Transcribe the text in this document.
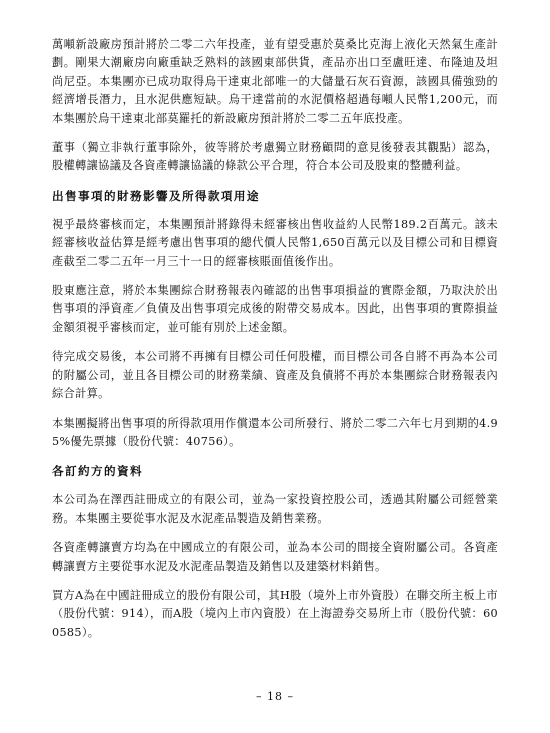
萬噸新設廠房預計將於二零二六年投產，並有望受惠於莫桑比克海上液化天然氣生產計劃。剛果大潮廠房向廠重缺乏熟料的該國東部供貨，產品亦出口至盧旺達、布隆迪及坦尚尼亞。本集團亦已成功取得烏干達東北部唯一的大儲量石灰石資源，該國具備強勁的經濟增長潛力，且水泥供應短缺。烏干達當前的水泥價格超過每噸人民幣1,200元，而本集團於烏干達東北部莫羅托的新設廠房預計將於二零二五年底投產。

董事（獨立非執行董事除外，彼等將於考慮獨立財務顧問的意見後發表其觀點）認為，股權轉讓協議及各資產轉讓協議的條款公平合理，符合本公司及股東的整體利益。

出售事項的財務影響及所得款項用途

視乎最終審核而定，本集團預計將錄得未經審核出售收益約人民幣189.2百萬元。該未經審核收益估算是經考慮出售事項的總代價人民幣1,650百萬元以及目標公司和目標資產截至二零二五年一月三十一日的經審核賬面值後作出。

股東應注意，將於本集團綜合財務報表內確認的出售事項損益的實際金額，乃取決於出售事項的淨資產／負債及出售事項完成後的附帶交易成本。因此，出售事項的實際損益金額須視乎審核而定，並可能有別於上述金額。

待完成交易後，本公司將不再擁有目標公司任何股權，而目標公司各自將不再為本公司的附屬公司，並且各目標公司的財務業績、資產及負債將不再於本集團綜合財務報表內綜合計算。

本集團擬將出售事項的所得款項用作償還本公司所發行、將於二零二六年七月到期的4.95%優先票據（股份代號：40756）。

各訂約方的資料

本公司為在澤西註冊成立的有限公司，並為一家投資控股公司，透過其附屬公司經營業務。本集團主要從事水泥及水泥產品製造及銷售業務。

各資產轉讓賣方均為在中國成立的有限公司，並為本公司的間接全資附屬公司。各資產轉讓賣方主要從事水泥及水泥產品製造及銷售以及建築材料銷售。

買方A為在中國註冊成立的股份有限公司，其H股（境外上市外資股）在聯交所主板上市（股份代號：914），而A股（境內上市內資股）在上海證券交易所上市（股份代號：600585）。

– 18 –
